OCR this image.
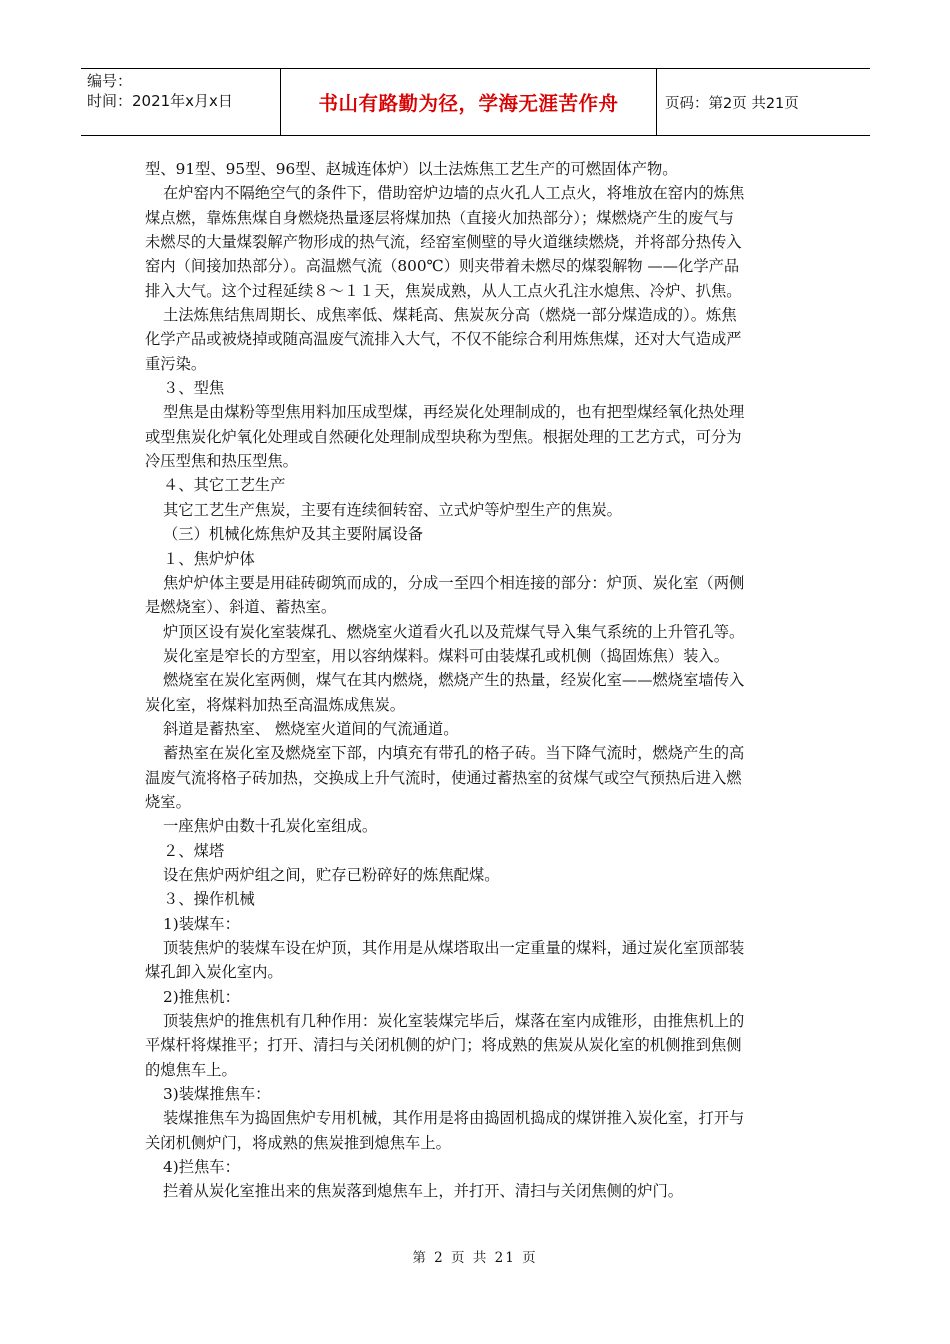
编号：
时间：2021年x月x日	书山有路勤为径，学海无涯苦作舟	页码：第2页 共21页
型、91型、95型、96型、赵城连体炉）以土法炼焦工艺生产的可燃固体产物。
在炉窑内不隔绝空气的条件下，借助窑炉边墙的点火孔人工点火，将堆放在窑内的炼焦
煤点燃，靠炼焦煤自身燃烧热量逐层将煤加热（直接火加热部分）；煤燃烧产生的废气与
未燃尽的大量煤裂解产物形成的热气流，经窑室侧壁的导火道继续燃烧，并将部分热传入
窑内（间接加热部分）。高温燃气流（800℃）则夹带着未燃尽的煤裂解物 ——化学产品
排入大气。这个过程延续８～１１天，焦炭成熟，从人工点火孔注水熄焦、冷炉、扒焦。
土法炼焦结焦周期长、成焦率低、煤耗高、焦炭灰分高（燃烧一部分煤造成的）。炼焦
化学产品或被烧掉或随高温废气流排入大气，不仅不能综合利用炼焦煤，还对大气造成严
重污染。
３、型焦
型焦是由煤粉等型焦用料加压成型煤，再经炭化处理制成的，也有把型煤经氧化热处理
或型焦炭化炉氧化处理或自然硬化处理制成型块称为型焦。根据处理的工艺方式，可分为
冷压型焦和热压型焦。
４、其它工艺生产
其它工艺生产焦炭，主要有连续徊转窑、立式炉等炉型生产的焦炭。
（三）机械化炼焦炉及其主要附属设备
１、焦炉炉体
焦炉炉体主要是用硅砖砌筑而成的，分成一至四个相连接的部分：炉顶、炭化室（两侧
是燃烧室）、斜道、蓄热室。
炉顶区设有炭化室装煤孔、燃烧室火道看火孔以及荒煤气导入集气系统的上升管孔等。
炭化室是窄长的方型室，用以容纳煤料。煤料可由装煤孔或机侧（捣固炼焦）装入。
燃烧室在炭化室两侧，煤气在其内燃烧，燃烧产生的热量，经炭化室——燃烧室墙传入
炭化室，将煤料加热至高温炼成焦炭。
斜道是蓄热室、 燃烧室火道间的气流通道。
蓄热室在炭化室及燃烧室下部，内填充有带孔的格子砖。当下降气流时，燃烧产生的高
温废气流将格子砖加热，交换成上升气流时，使通过蓄热室的贫煤气或空气预热后进入燃
烧室。
一座焦炉由数十孔炭化室组成。
２、煤塔
设在焦炉两炉组之间，贮存已粉碎好的炼焦配煤。
３、操作机械
1)装煤车：
顶装焦炉的装煤车设在炉顶，其作用是从煤塔取出一定重量的煤料，通过炭化室顶部装
煤孔卸入炭化室内。
2)推焦机：
顶装焦炉的推焦机有几种作用：炭化室装煤完毕后，煤落在室内成锥形，由推焦机上的
平煤杆将煤推平；打开、清扫与关闭机侧的炉门；将成熟的焦炭从炭化室的机侧推到焦侧
的熄焦车上。
3)装煤推焦车：
装煤推焦车为捣固焦炉专用机械，其作用是将由捣固机捣成的煤饼推入炭化室，打开与
关闭机侧炉门，将成熟的焦炭推到熄焦车上。
4)拦焦车：
拦着从炭化室推出来的焦炭落到熄焦车上，并打开、清扫与关闭焦侧的炉门。
第 2 页 共 21 页
